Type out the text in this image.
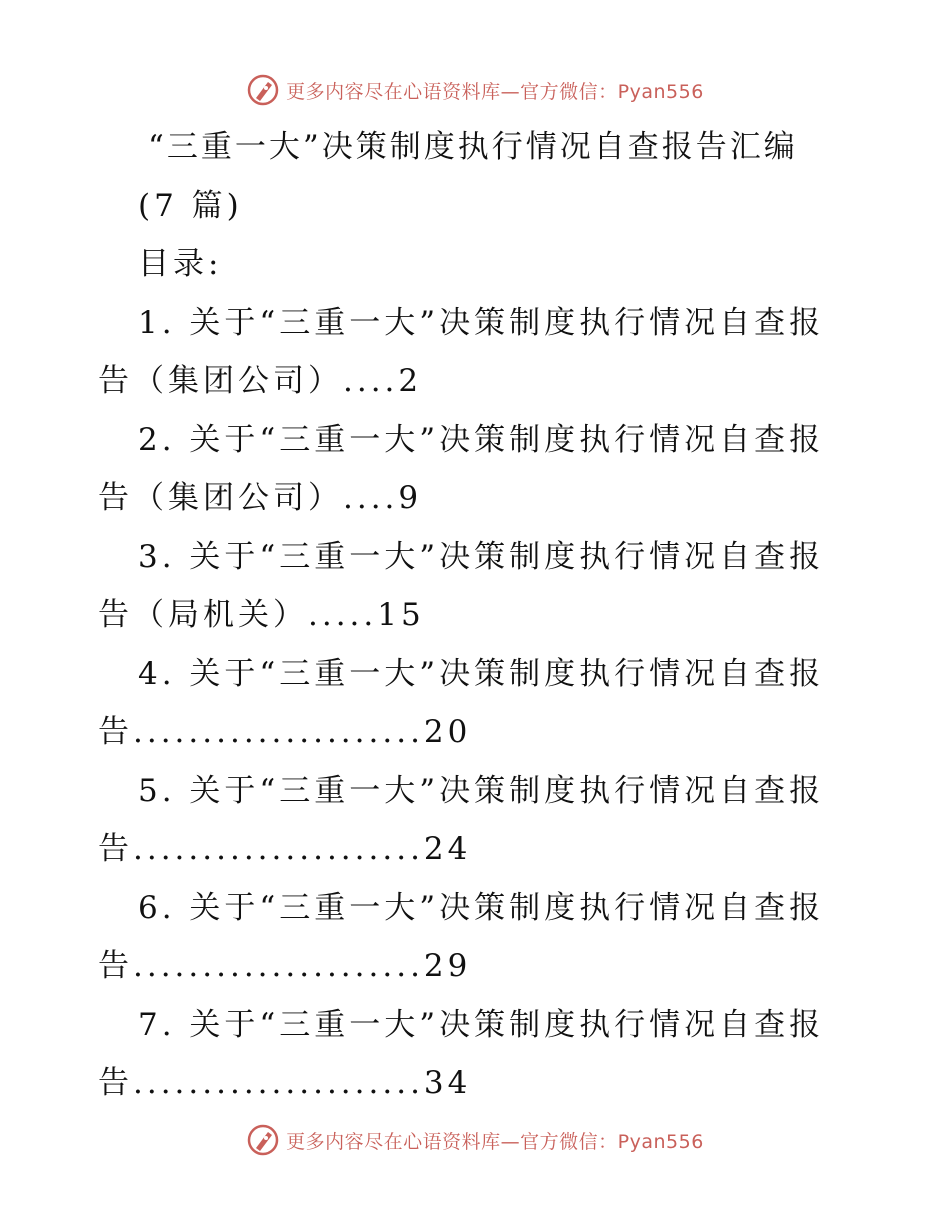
更多内容尽在心语资料库—官方微信：Pyan556
“三重一大”决策制度执行情况自查报告汇编
(7 篇)
目录:
1. 关于“三重一大”决策制度执行情况自查报
告（集团公司）....2
2. 关于“三重一大”决策制度执行情况自查报
告（集团公司）....9
3. 关于“三重一大”决策制度执行情况自查报
告（局机关）.....15
4. 关于“三重一大”决策制度执行情况自查报
告.....................20
5. 关于“三重一大”决策制度执行情况自查报
告.....................24
6. 关于“三重一大”决策制度执行情况自查报
告.....................29
7. 关于“三重一大”决策制度执行情况自查报
告.....................34
更多内容尽在心语资料库—官方微信：Pyan556
